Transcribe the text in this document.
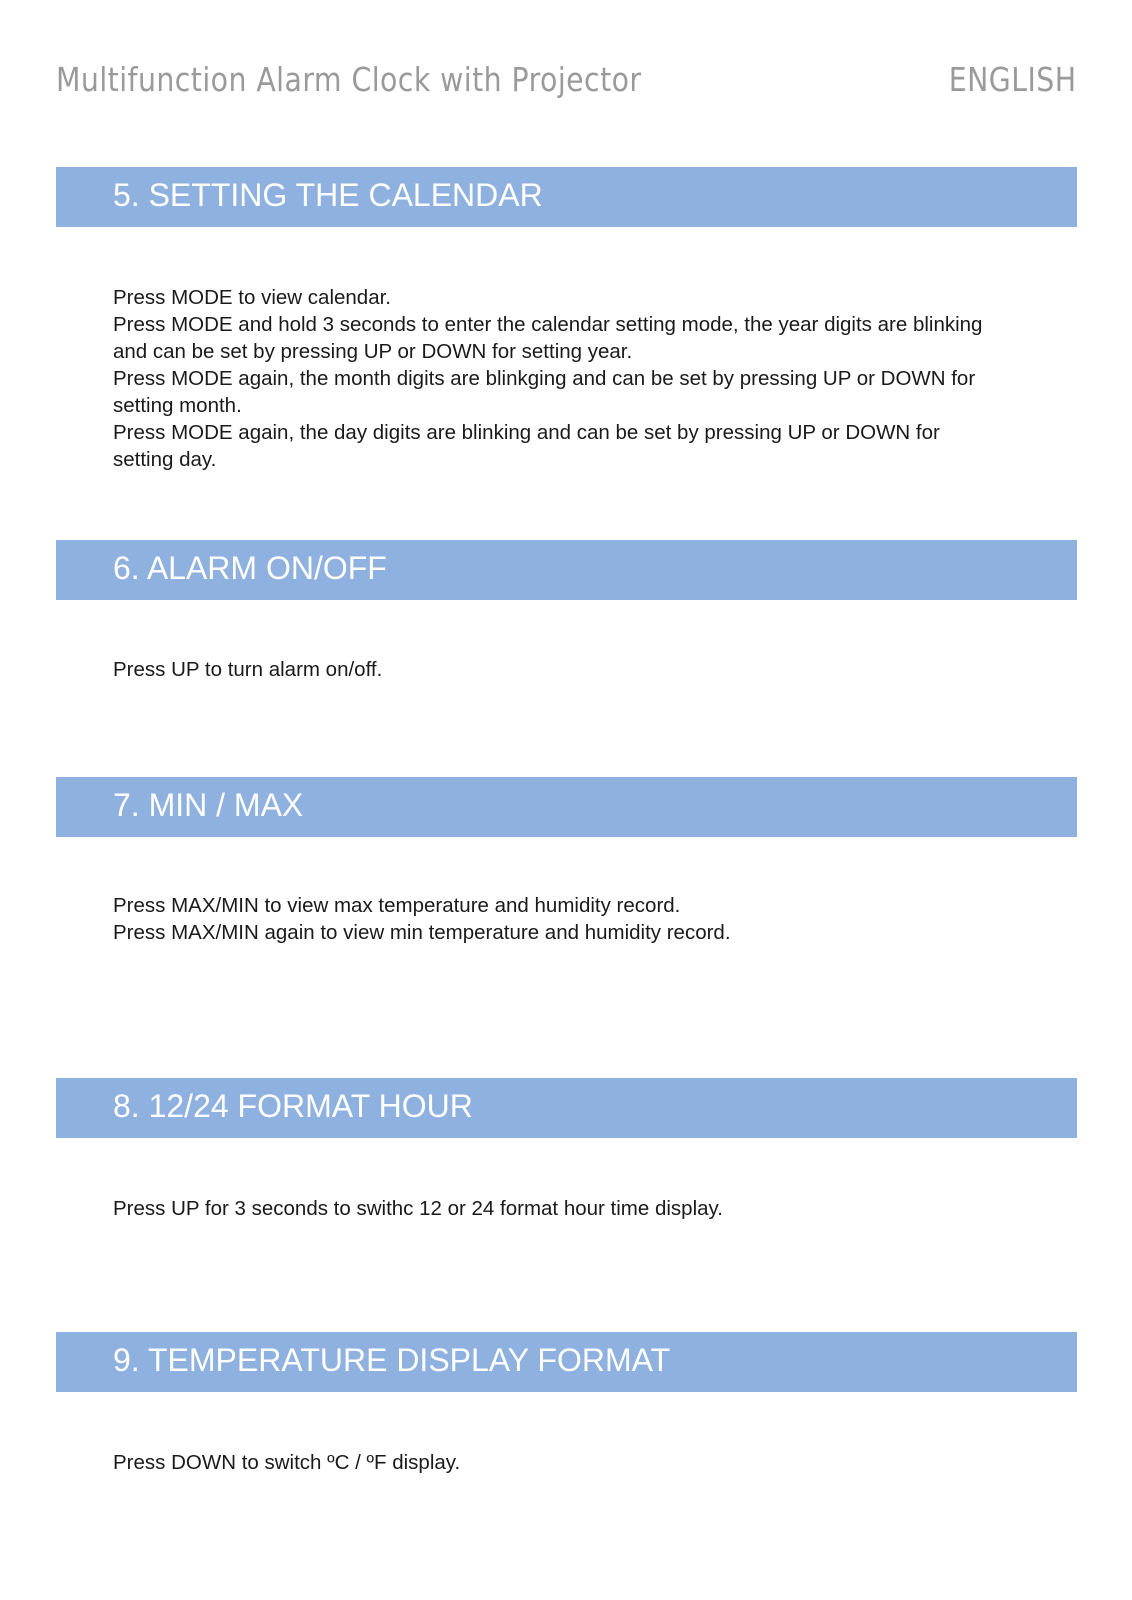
Multifunction Alarm Clock with Projector	ENGLISH
5. SETTING THE CALENDAR

Press MODE to view calendar.

Press MODE and hold 3 seconds to enter the calendar setting mode, the year digits are blinking and can be set by pressing UP or DOWN for setting year.

Press MODE again, the month digits are blinkging and can be set by pressing UP or DOWN for setting month.

Press MODE again, the day digits are blinking and can be set by pressing UP or DOWN for setting day.

6. ALARM ON/OFF

Press UP to turn alarm on/off.

7. MIN / MAX

Press MAX/MIN to view max temperature and humidity record.

Press MAX/MIN again to view min temperature and humidity record.

8. 12/24 FORMAT HOUR

Press UP for 3 seconds to swithc 12 or 24 format hour time display.

9. TEMPERATURE DISPLAY FORMAT

Press DOWN to switch ºC / ºF display.
